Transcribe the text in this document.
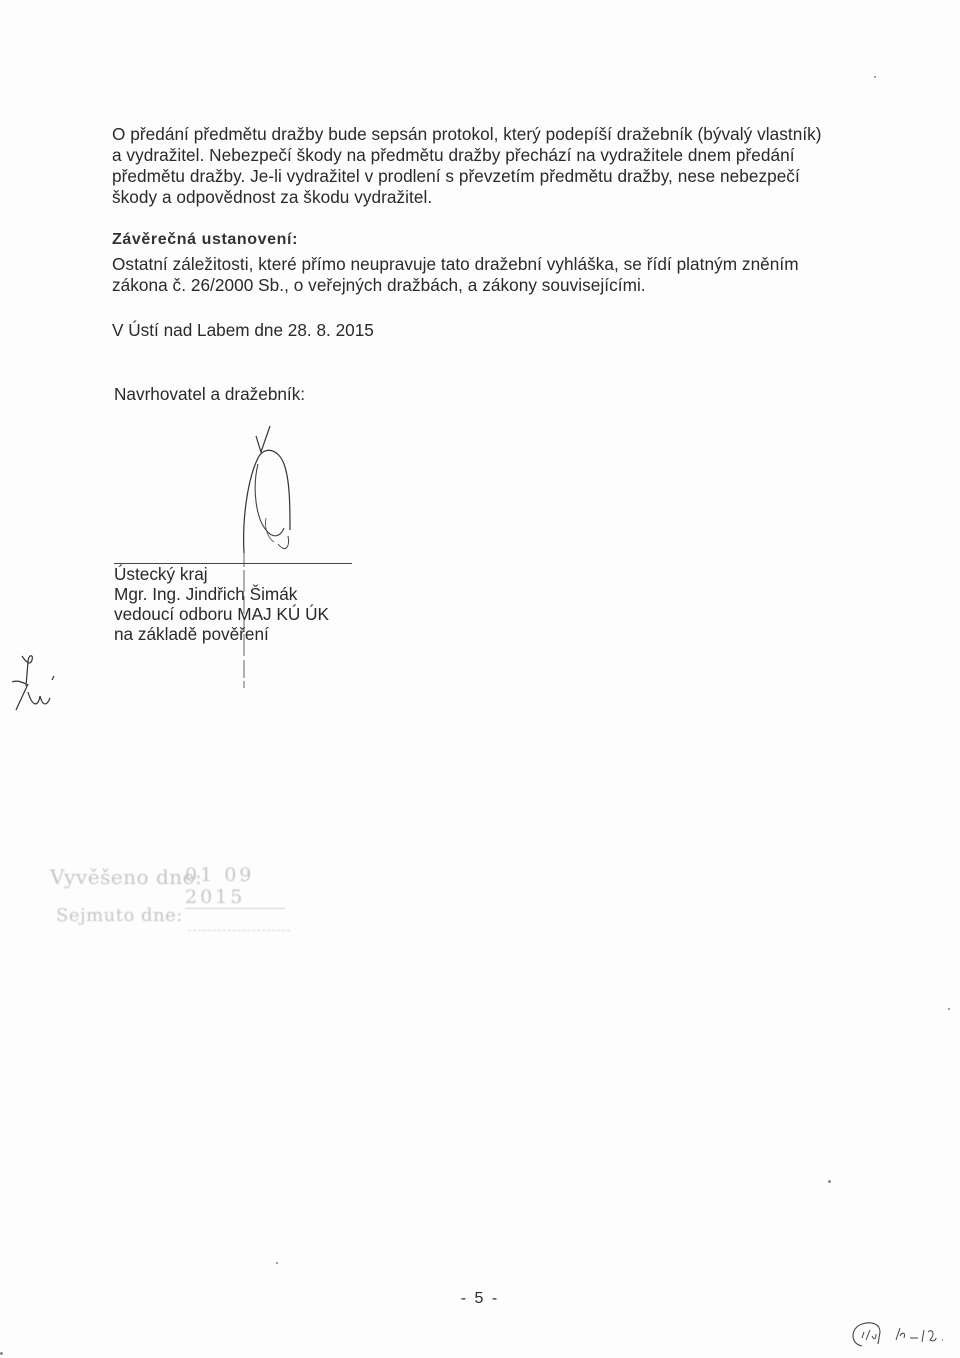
O předání předmětu dražby bude sepsán protokol, který podepíší dražebník (bývalý vlastník)
a vydražitel. Nebezpečí škody na předmětu dražby přechází na vydražitele dnem předání
předmětu dražby. Je-li vydražitel v prodlení s převzetím předmětu dražby, nese nebezpečí
škody a odpovědnost za škodu vydražitel.
Závěrečná ustanovení:
Ostatní záležitosti, které přímo neupravuje tato dražební vyhláška, se řídí platným zněním
zákona č. 26/2000 Sb., o veřejných dražbách, a zákony souvisejícími.
V Ústí nad Labem dne 28. 8. 2015
Navrhovatel a dražebník:
Ústecký kraj
Mgr. Ing. Jindřich Šimák
vedoucí odboru MAJ KÚ ÚK
na základě pověření
Vyvěšeno dne:
01 09 2015
Sejmuto dne:
- 5 -
